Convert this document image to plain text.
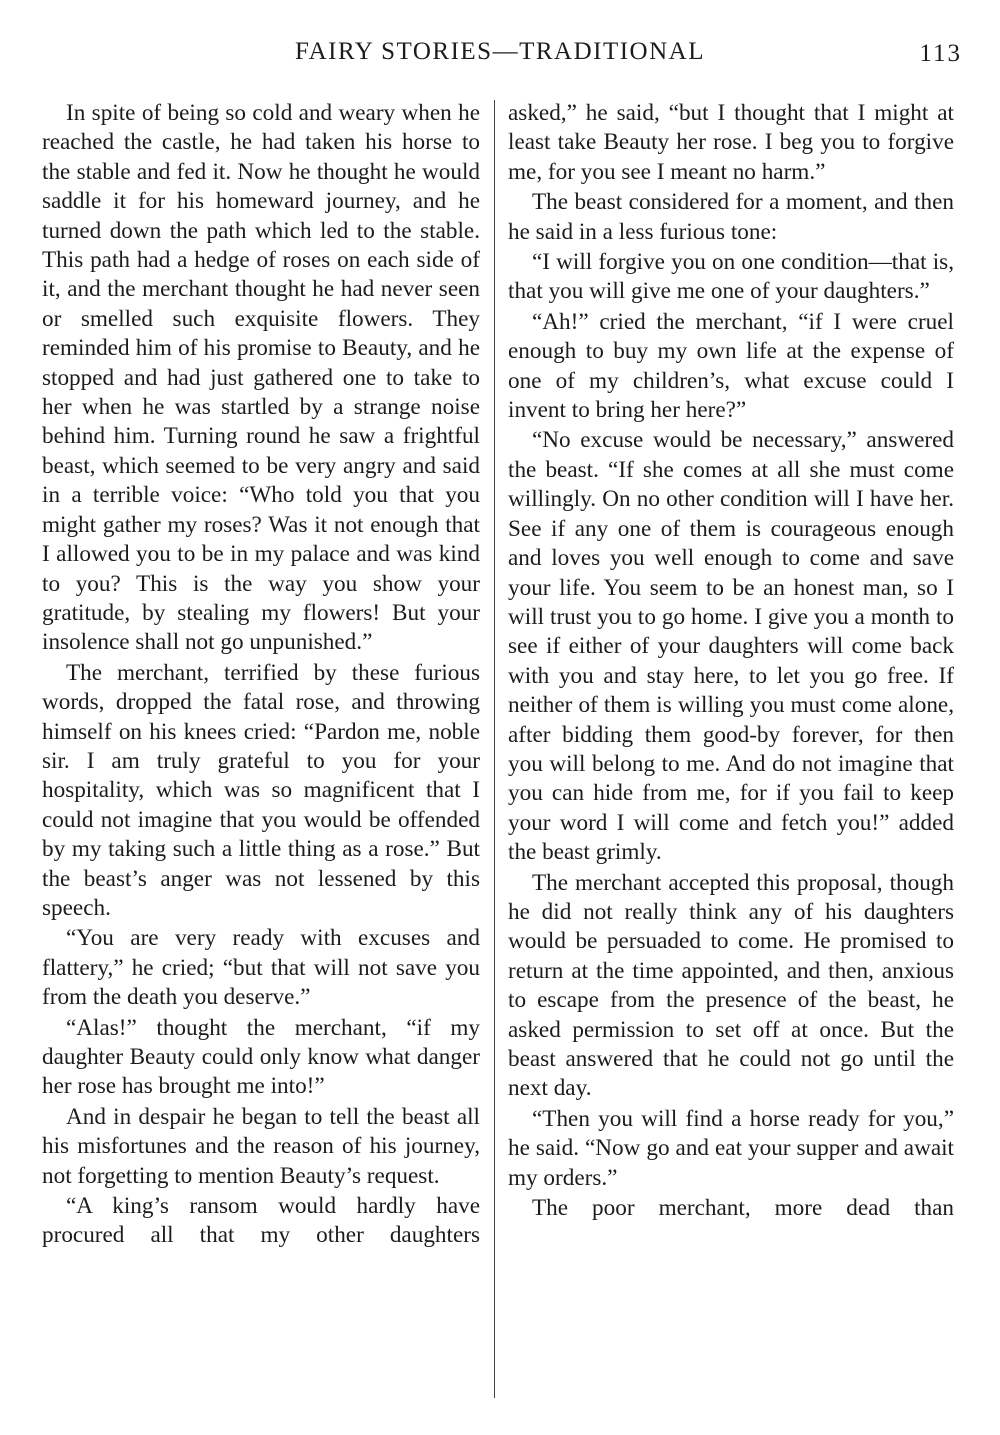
FAIRY STORIES—TRADITIONAL	113

In spite of being so cold and weary when he reached the castle, he had taken his horse to the stable and fed it. Now he thought he would saddle it for his homeward journey, and he turned down the path which led to the stable. This path had a hedge of roses on each side of it, and the merchant thought he had never seen or smelled such exquisite flowers. They reminded him of his promise to Beauty, and he stopped and had just gathered one to take to her when he was startled by a strange noise behind him. Turning round he saw a frightful beast, which seemed to be very angry and said in a terrible voice: “Who told you that you might gather my roses? Was it not enough that I allowed you to be in my palace and was kind to you? This is the way you show your gratitude, by stealing my flowers! But your insolence shall not go unpunished.”

The merchant, terrified by these furious words, dropped the fatal rose, and throwing himself on his knees cried: “Pardon me, noble sir. I am truly grateful to you for your hospitality, which was so magnificent that I could not imagine that you would be offended by my taking such a little thing as a rose.” But the beast’s anger was not lessened by this speech.

“You are very ready with excuses and flattery,” he cried; “but that will not save you from the death you deserve.”

“Alas!” thought the merchant, “if my daughter Beauty could only know what danger her rose has brought me into!”

And in despair he began to tell the beast all his misfortunes and the reason of his journey, not forgetting to mention Beauty’s request.

“A king’s ransom would hardly have procured all that my other daughters

asked,” he said, “but I thought that I might at least take Beauty her rose. I beg you to forgive me, for you see I meant no harm.”

The beast considered for a moment, and then he said in a less furious tone:

“I will forgive you on one condition—that is, that you will give me one of your daughters.”

“Ah!” cried the merchant, “if I were cruel enough to buy my own life at the expense of one of my children’s, what excuse could I invent to bring her here?”

“No excuse would be necessary,” answered the beast. “If she comes at all she must come willingly. On no other condition will I have her. See if any one of them is courageous enough and loves you well enough to come and save your life. You seem to be an honest man, so I will trust you to go home. I give you a month to see if either of your daughters will come back with you and stay here, to let you go free. If neither of them is willing you must come alone, after bidding them good-by forever, for then you will belong to me. And do not imagine that you can hide from me, for if you fail to keep your word I will come and fetch you!” added the beast grimly.

The merchant accepted this proposal, though he did not really think any of his daughters would be persuaded to come. He promised to return at the time appointed, and then, anxious to escape from the presence of the beast, he asked permission to set off at once. But the beast answered that he could not go until the next day.

“Then you will find a horse ready for you,” he said. “Now go and eat your supper and await my orders.”

The poor merchant, more dead than
